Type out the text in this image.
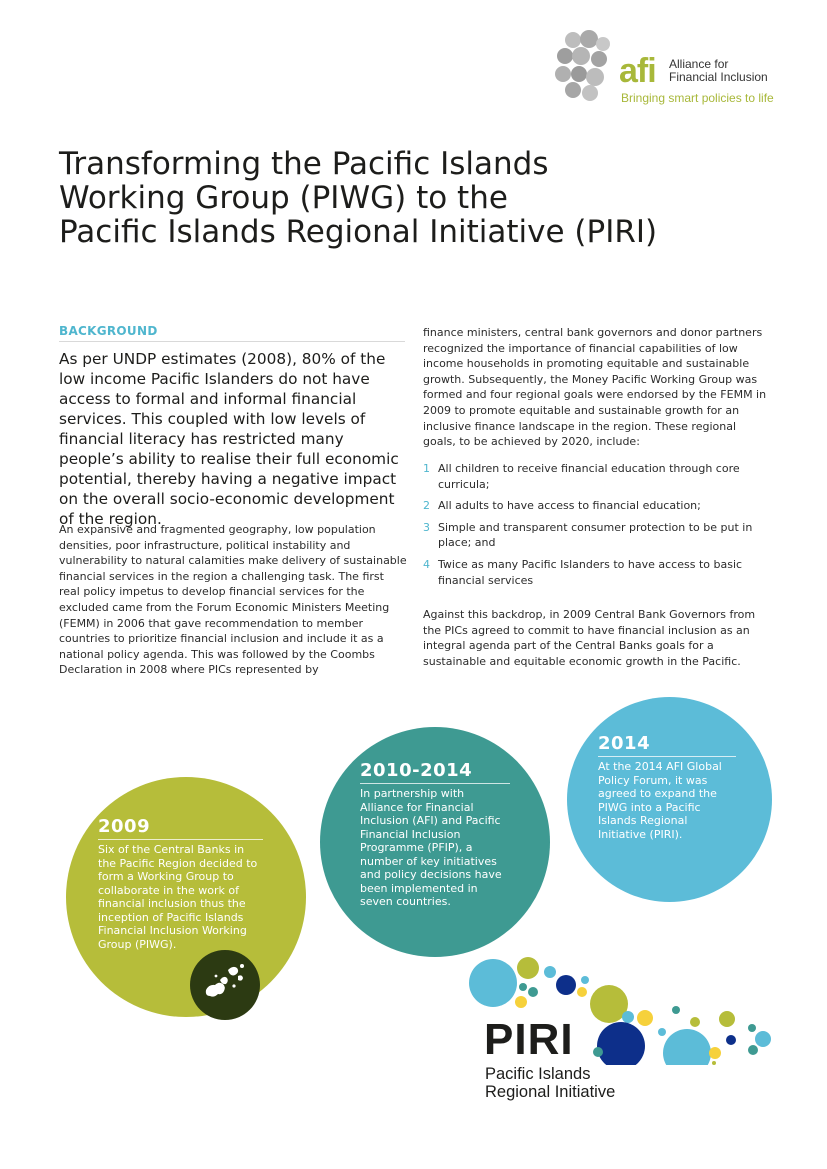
afi Alliance for
Financial Inclusion
Bringing smart policies to life
Transforming the Pacific Islands
Working Group (PIWG) to the
Pacific Islands Regional Initiative (PIRI)
BACKGROUND
As per UNDP estimates (2008), 80% of the low income Pacific Islanders do not have access to formal and informal financial services. This coupled with low levels of financial literacy has restricted many people’s ability to realise their full economic potential, thereby having a negative impact on the overall socio-economic development of the region.
An expansive and fragmented geography, low population densities, poor infrastructure, political instability and vulnerability to natural calamities make delivery of sustainable financial services in the region a challenging task. The first real policy impetus to develop financial services for the excluded came from the Forum Economic Ministers Meeting (FEMM) in 2006 that gave recommendation to member countries to prioritize financial inclusion and include it as a national policy agenda. This was followed by the Coombs Declaration in 2008 where PICs represented by
finance ministers, central bank governors and donor partners recognized the importance of financial capabilities of low income households in promoting equitable and sustainable growth. Subsequently, the Money Pacific Working Group was formed and four regional goals were endorsed by the FEMM in 2009 to promote equitable and sustainable growth for an inclusive finance landscape in the region. These regional goals, to be achieved by 2020, include:
1 All children to receive financial education through core curricula;
2 All adults to have access to financial education;
3 Simple and transparent consumer protection to be put in place; and
4 Twice as many Pacific Islanders to have access to basic financial services
Against this backdrop, in 2009 Central Bank Governors from the PICs agreed to commit to have financial inclusion as an integral agenda part of the Central Banks goals for a sustainable and equitable economic growth in the Pacific.
2009
Six of the Central Banks in the Pacific Region decided to form a Working Group to collaborate in the work of financial inclusion thus the inception of Pacific Islands Financial Inclusion Working Group (PIWG).
2010-2014
In partnership with Alliance for Financial Inclusion (AFI) and Pacific Financial Inclusion Programme (PFIP), a number of key initiatives and policy decisions have been implemented in seven countries.
2014
At the 2014 AFI Global Policy Forum, it was agreed to expand the PIWG into a Pacific Islands Regional Initiative (PIRI).
PIRI
Pacific Islands
Regional Initiative
